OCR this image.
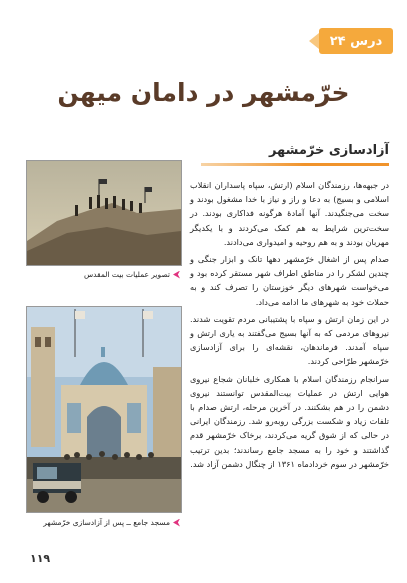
درس ۲۴
خرّمشهر در دامان میهن
آزادسازی خرّمشهر
تصویر عملیات بیت المقدس
مسجد جامع ــ پس از آزادسازی خرّمشهر

در جبهه‌ها، رزمندگان اسلام (ارتش، سپاه پاسداران انقلاب اسلامی و بسیج) به دعا و راز و نیاز با خدا مشغول بودند و سخت می‌جنگیدند. آنها آمادهٔ هرگونه فداکاری بودند. در سخت‌ترین شرایط به هم کمک می‌کردند و با یکدیگر مهربان بودند و به هم روحیه و امیدواری می‌دادند.

صدام پس از اشغال خرّمشهر دهها تانک و ابزار جنگی و چندین لشکر را در مناطق اطراف شهر مستقر کرده بود و می‌خواست شهرهای دیگر خوزستان را تصرف کند و به حملات خود به شهرهای ما ادامه می‌داد.

در این زمان ارتش و سپاه با پشتیبانی مردم تقویت شدند. نیروهای مردمی که به آنها بسیج می‌گفتند به یاری ارتش و سپاه آمدند. فرماندهان، نقشه‌ای را برای آزادسازی خرّمشهر طرّاحی کردند.

سرانجام رزمندگان اسلام با همکاری خلبانان شجاع نیروی هوایی ارتش در عملیات بیت‌المقدس توانستند نیروی دشمن را در هم بشکنند. در آخرین مرحله، ارتش صدام با تلفات زیاد و شکست بزرگی روبه‌رو شد. رزمندگان ایرانی در حالی که از شوق گریه می‌کردند، برخاک خرّمشهر قدم گذاشتند و خود را به مسجد جامع رساندند؛ بدین ترتیب خرّمشهر در سوم خردادماه ۱۳۶۱ از چنگال دشمن آزاد شد.

۱۱۹
